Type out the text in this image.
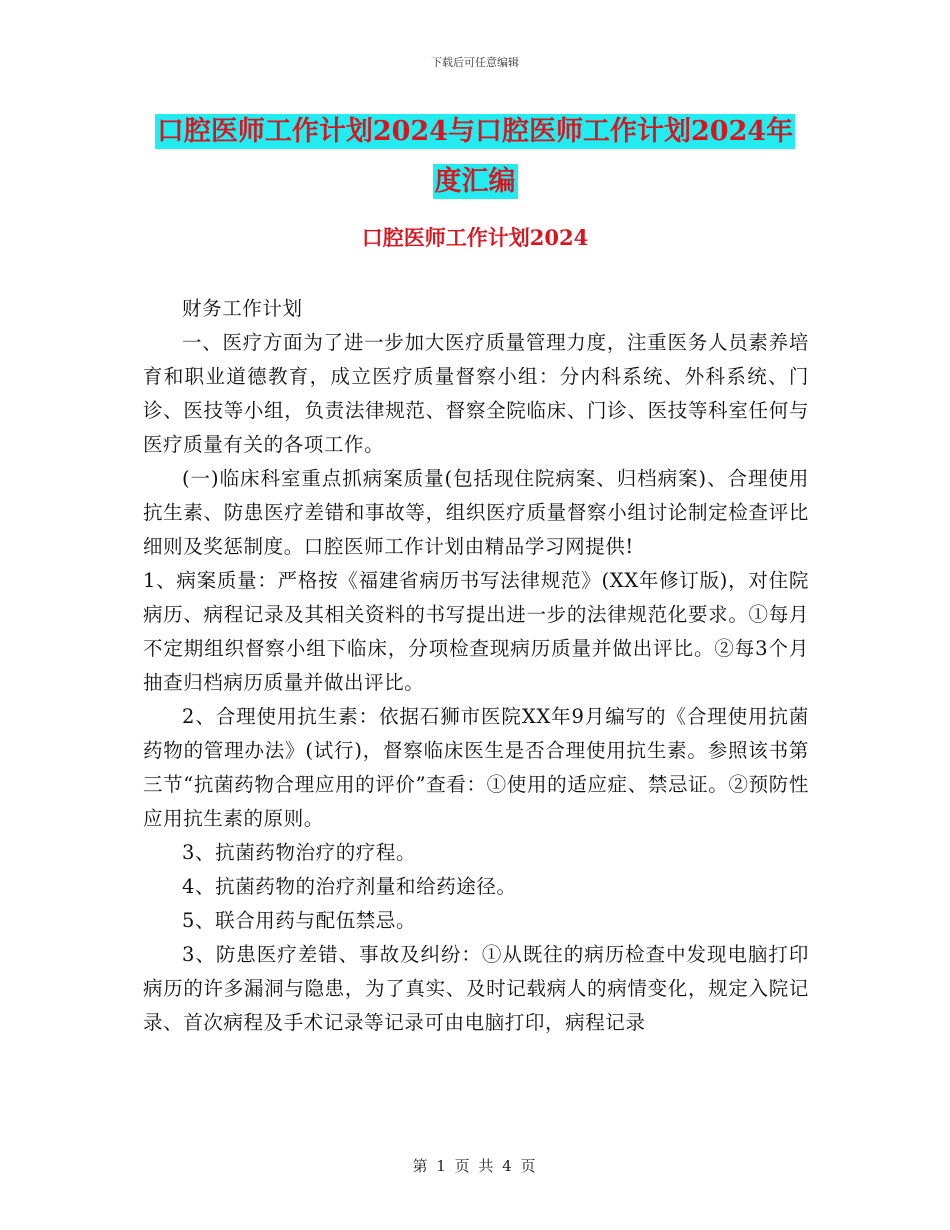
下载后可任意编辑
口腔医师工作计划2024与口腔医师工作计划2024年
度汇编
口腔医师工作计划2024

财务工作计划

一、医疗方面为了进一步加大医疗质量管理力度，注重医务人员素养培育和职业道德教育，成立医疗质量督察小组：分内科系统、外科系统、门诊、医技等小组，负责法律规范、督察全院临床、门诊、医技等科室任何与医疗质量有关的各项工作。

(一)临床科室重点抓病案质量(包括现住院病案、归档病案)、合理使用抗生素、防患医疗差错和事故等，组织医疗质量督察小组讨论制定检查评比细则及奖惩制度。口腔医师工作计划由精品学习网提供!

1、病案质量：严格按《福建省病历书写法律规范》(XX年修订版)，对住院病历、病程记录及其相关资料的书写提出进一步的法律规范化要求。①每月不定期组织督察小组下临床，分项检查现病历质量并做出评比。②每3个月抽查归档病历质量并做出评比。

2、合理使用抗生素：依据石狮市医院XX年9月编写的《合理使用抗菌药物的管理办法》(试行)，督察临床医生是否合理使用抗生素。参照该书第三节“抗菌药物合理应用的评价”查看：①使用的适应症、禁忌证。②预防性应用抗生素的原则。

3、抗菌药物治疗的疗程。

4、抗菌药物的治疗剂量和给药途径。

5、联合用药与配伍禁忌。

3、防患医疗差错、事故及纠纷：①从既往的病历检查中发现电脑打印病历的许多漏洞与隐患，为了真实、及时记载病人的病情变化，规定入院记录、首次病程及手术记录等记录可由电脑打印，病程记录

第 1 页 共 4 页
